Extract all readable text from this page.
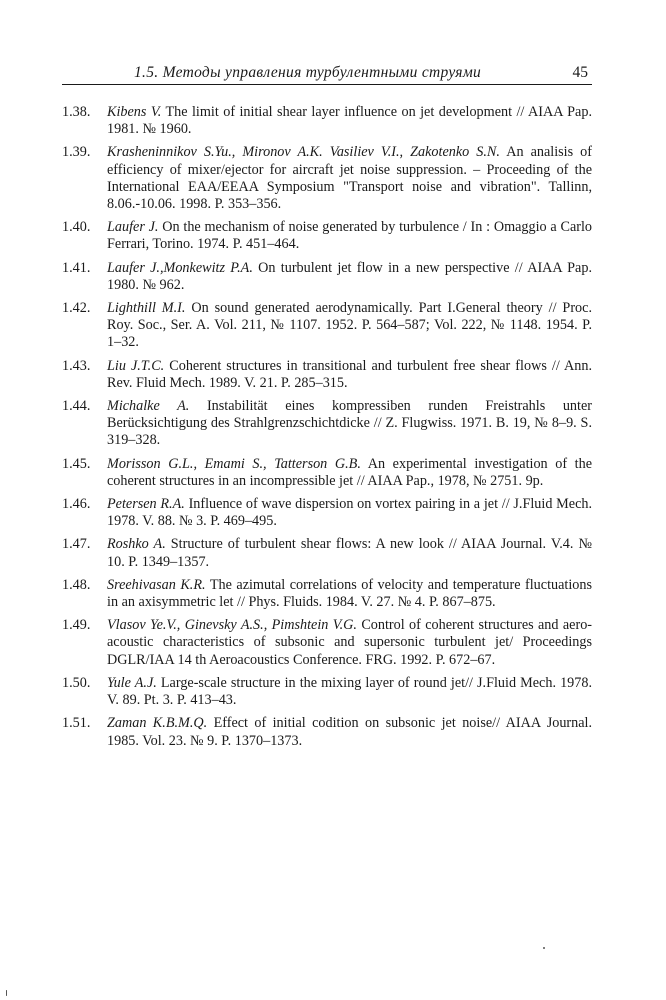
1.5. Методы управления турбулентными струями	45
1.38. Kibens V. The limit of initial shear layer influence on jet development // AIAA Pap. 1981. № 1960.
1.39. Krasheninnikov S.Yu., Mironov A.K. Vasiliev V.I., Zakotenko S.N. An analisis of efficiency of mixer/ejector for aircraft jet noise suppression. – Proceeding of the International EAA/EEAA Symposium "Transport noise and vibration". Tallinn, 8.06.-10.06. 1998. P. 353–356.
1.40. Laufer J. On the mechanism of noise generated by turbulence / In : Omaggio a Carlo Ferrari, Torino. 1974. P. 451–464.
1.41. Laufer J.,Monkewitz P.A. On turbulent jet flow in a new perspective // AIAA Pap. 1980. № 962.
1.42. Lighthill M.I. On sound generated aerodynamically. Part I.General theory // Proc. Roy. Soc., Ser. A. Vol. 211, № 1107. 1952. P. 564–587; Vol. 222, № 1148. 1954. P. 1–32.
1.43. Liu J.T.C. Coherent structures in transitional and turbulent free shear flows // Ann. Rev. Fluid Mech. 1989. V. 21. P. 285–315.
1.44. Michalke A. Instabilität eines kompressiben runden Freistrahls unter Berücksichtigung des Strahlgrenzschichtdicke // Z. Flugwiss. 1971. B. 19, № 8–9. S. 319–328.
1.45. Morisson G.L., Emami S., Tatterson G.B. An experimental investigation of the coherent structures in an incompressible jet // AIAA Pap., 1978, № 2751. 9p.
1.46. Petersen R.A. Influence of wave dispersion on vortex pairing in a jet // J.Fluid Mech. 1978. V. 88. № 3. P. 469–495.
1.47. Roshko A. Structure of turbulent shear flows: A new look // AIAA Journal. V.4. № 10. P. 1349–1357.
1.48. Sreehivasan K.R. The azimutal correlations of velocity and temperature fluctuations in an axisymmetric let // Phys. Fluids. 1984. V. 27. № 4. P. 867–875.
1.49. Vlasov Ye.V., Ginevsky A.S., Pimshtein V.G. Control of coherent structures and aero-acoustic characteristics of subsonic and supersonic turbulent jet/ Proceedings DGLR/IAA 14 th Aeroacoustics Conference. FRG. 1992. P. 672–67.
1.50. Yule A.J. Large-scale structure in the mixing layer of round jet// J.Fluid Mech. 1978. V. 89. Pt. 3. P. 413–43.
1.51. Zaman K.B.M.Q. Effect of initial codition on subsonic jet noise// AIAA Journal. 1985. Vol. 23. № 9. P. 1370–1373.
